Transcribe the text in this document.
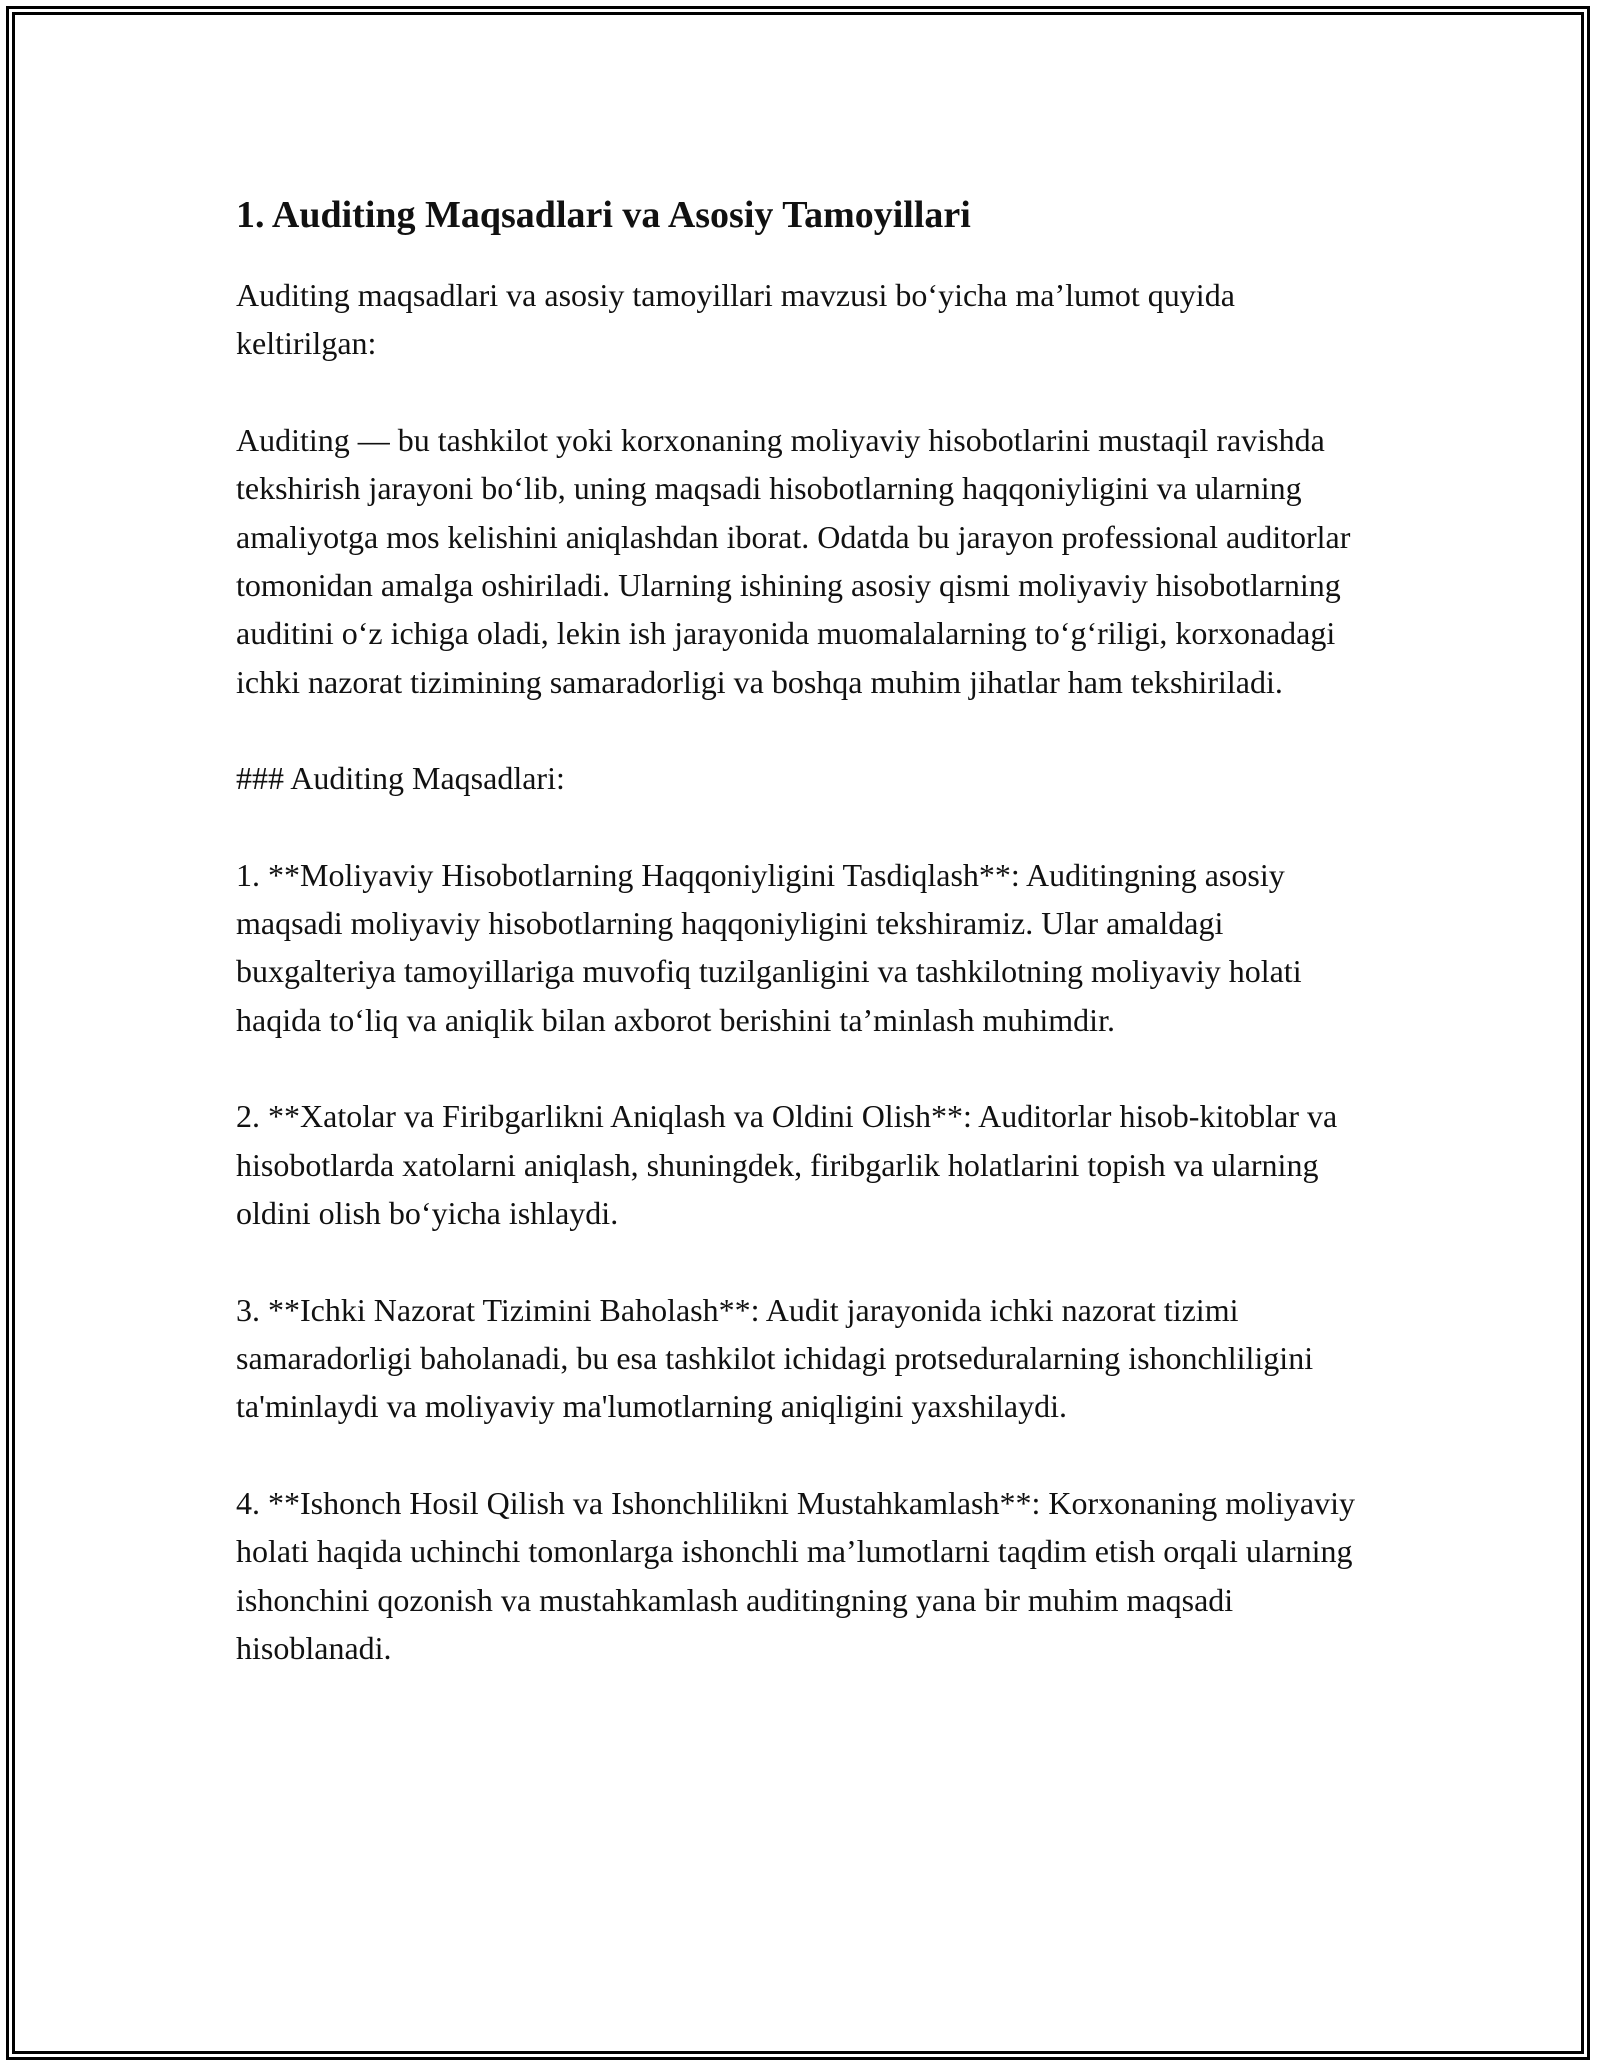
1. Auditing Maqsadlari va Asosiy Tamoyillari

Auditing maqsadlari va asosiy tamoyillari mavzusi bo‘yicha ma’lumot quyida keltirilgan:

Auditing — bu tashkilot yoki korxonaning moliyaviy hisobotlarini mustaqil ravishda tekshirish jarayoni bo‘lib, uning maqsadi hisobotlarning haqqoniyligini va ularning amaliyotga mos kelishini aniqlashdan iborat. Odatda bu jarayon professional auditorlar tomonidan amalga oshiriladi. Ularning ishining asosiy qismi moliyaviy hisobotlarning auditini o‘z ichiga oladi, lekin ish jarayonida muomalalarning to‘g‘riligi, korxonadagi ichki nazorat tizimining samaradorligi va boshqa muhim jihatlar ham tekshiriladi.

### Auditing Maqsadlari:

1. **Moliyaviy Hisobotlarning Haqqoniyligini Tasdiqlash**: Auditingning asosiy maqsadi moliyaviy hisobotlarning haqqoniyligini tekshiramiz. Ular amaldagi buxgalteriya tamoyillariga muvofiq tuzilganligini va tashkilotning moliyaviy holati haqida to‘liq va aniqlik bilan axborot berishini ta’minlash muhimdir.

2. **Xatolar va Firibgarlikni Aniqlash va Oldini Olish**: Auditorlar hisob-kitoblar va hisobotlarda xatolarni aniqlash, shuningdek, firibgarlik holatlarini topish va ularning oldini olish bo‘yicha ishlaydi.

3. **Ichki Nazorat Tizimini Baholash**: Audit jarayonida ichki nazorat tizimi samaradorligi baholanadi, bu esa tashkilot ichidagi protseduralarning ishonchliligini ta'minlaydi va moliyaviy ma'lumotlarning aniqligini yaxshilaydi.

4. **Ishonch Hosil Qilish va Ishonchlilikni Mustahkamlash**: Korxonaning moliyaviy holati haqida uchinchi tomonlarga ishonchli ma’lumotlarni taqdim etish orqali ularning ishonchini qozonish va mustahkamlash auditingning yana bir muhim maqsadi hisoblanadi.
